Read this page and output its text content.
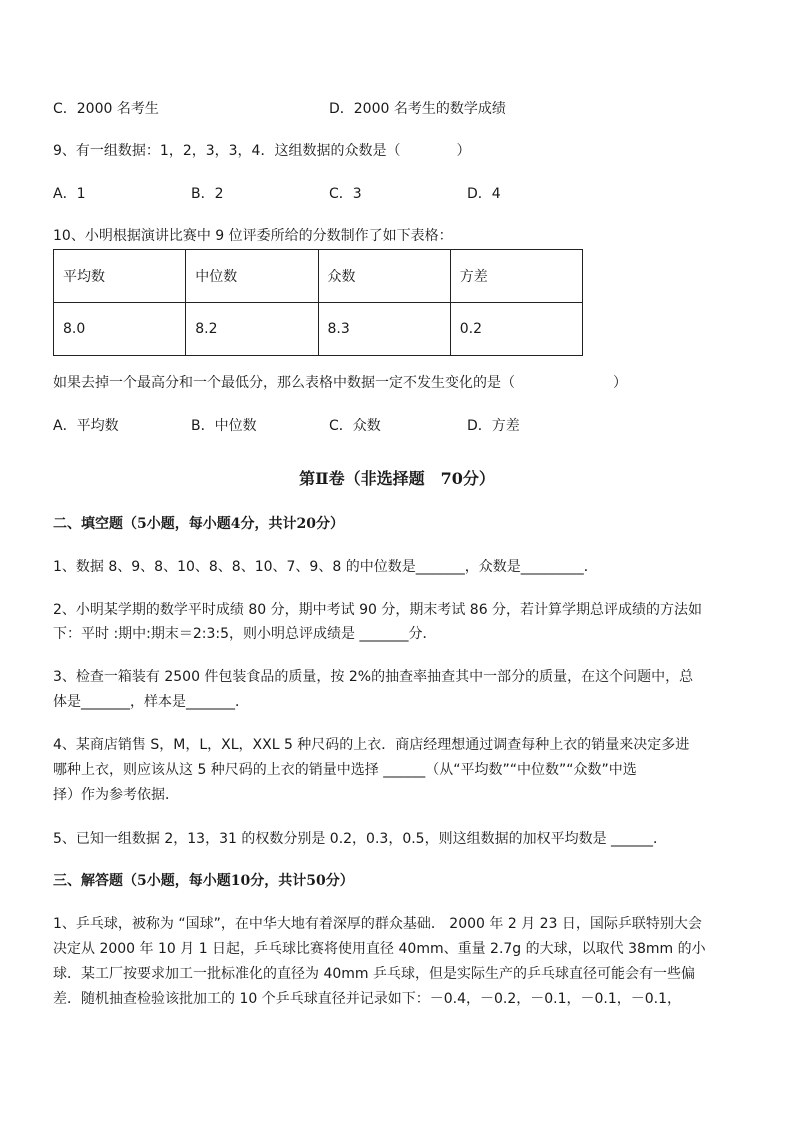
C．2000 名考生	D．2000 名考生的数学成绩
9、有一组数据：1，2，3，3，4．这组数据的众数是（　　　　）
A．1	B．2	C．3	D．4
10、小明根据演讲比赛中 9 位评委所给的分数制作了如下表格：
平均数	中位数	众数	方差
8.0	8.2	8.3	0.2
如果去掉一个最高分和一个最低分，那么表格中数据一定不发生变化的是（　　　　　　　）
A．平均数	B．中位数	C．众数	D．方差
第Ⅱ卷（非选择题　70分）
二、填空题（5小题，每小题4分，共计20分）
1、数据 8、9、8、10、8、8、10、7、9、8 的中位数是_______，众数是_________．
2、小明某学期的数学平时成绩 80 分，期中考试 90 分，期末考试 86 分，若计算学期总评成绩的方法如
下：平时 :期中:期末＝2:3:5，则小明总评成绩是 _______分．
3、检查一箱装有 2500 件包装食品的质量，按 2%的抽查率抽查其中一部分的质量，在这个问题中，总
体是_______，样本是_______．
4、某商店销售 S，M，L，XL，XXL 5 种尺码的上衣．商店经理想通过调查每种上衣的销量来决定多进
哪种上衣，则应该从这 5 种尺码的上衣的销量中选择 ______（从“平均数”“中位数”“众数”中选
择）作为参考依据．
5、已知一组数据 2，13，31 的权数分别是 0.2，0.3，0.5，则这组数据的加权平均数是 ______．
三、解答题（5小题，每小题10分，共计50分）
1、乒乓球，被称为 “国球”，在中华大地有着深厚的群众基础． 2000 年 2 月 23 日，国际乒联特别大会
决定从 2000 年 10 月 1 日起，乒乓球比赛将使用直径 40mm、重量 2.7g 的大球，以取代 38mm 的小
球．某工厂按要求加工一批标准化的直径为 40mm 乒乓球，但是实际生产的乒乓球直径可能会有一些偏
差．随机抽查检验该批加工的 10 个乒乓球直径并记录如下：－0.4，－0.2，－0.1，－0.1，－0.1，
